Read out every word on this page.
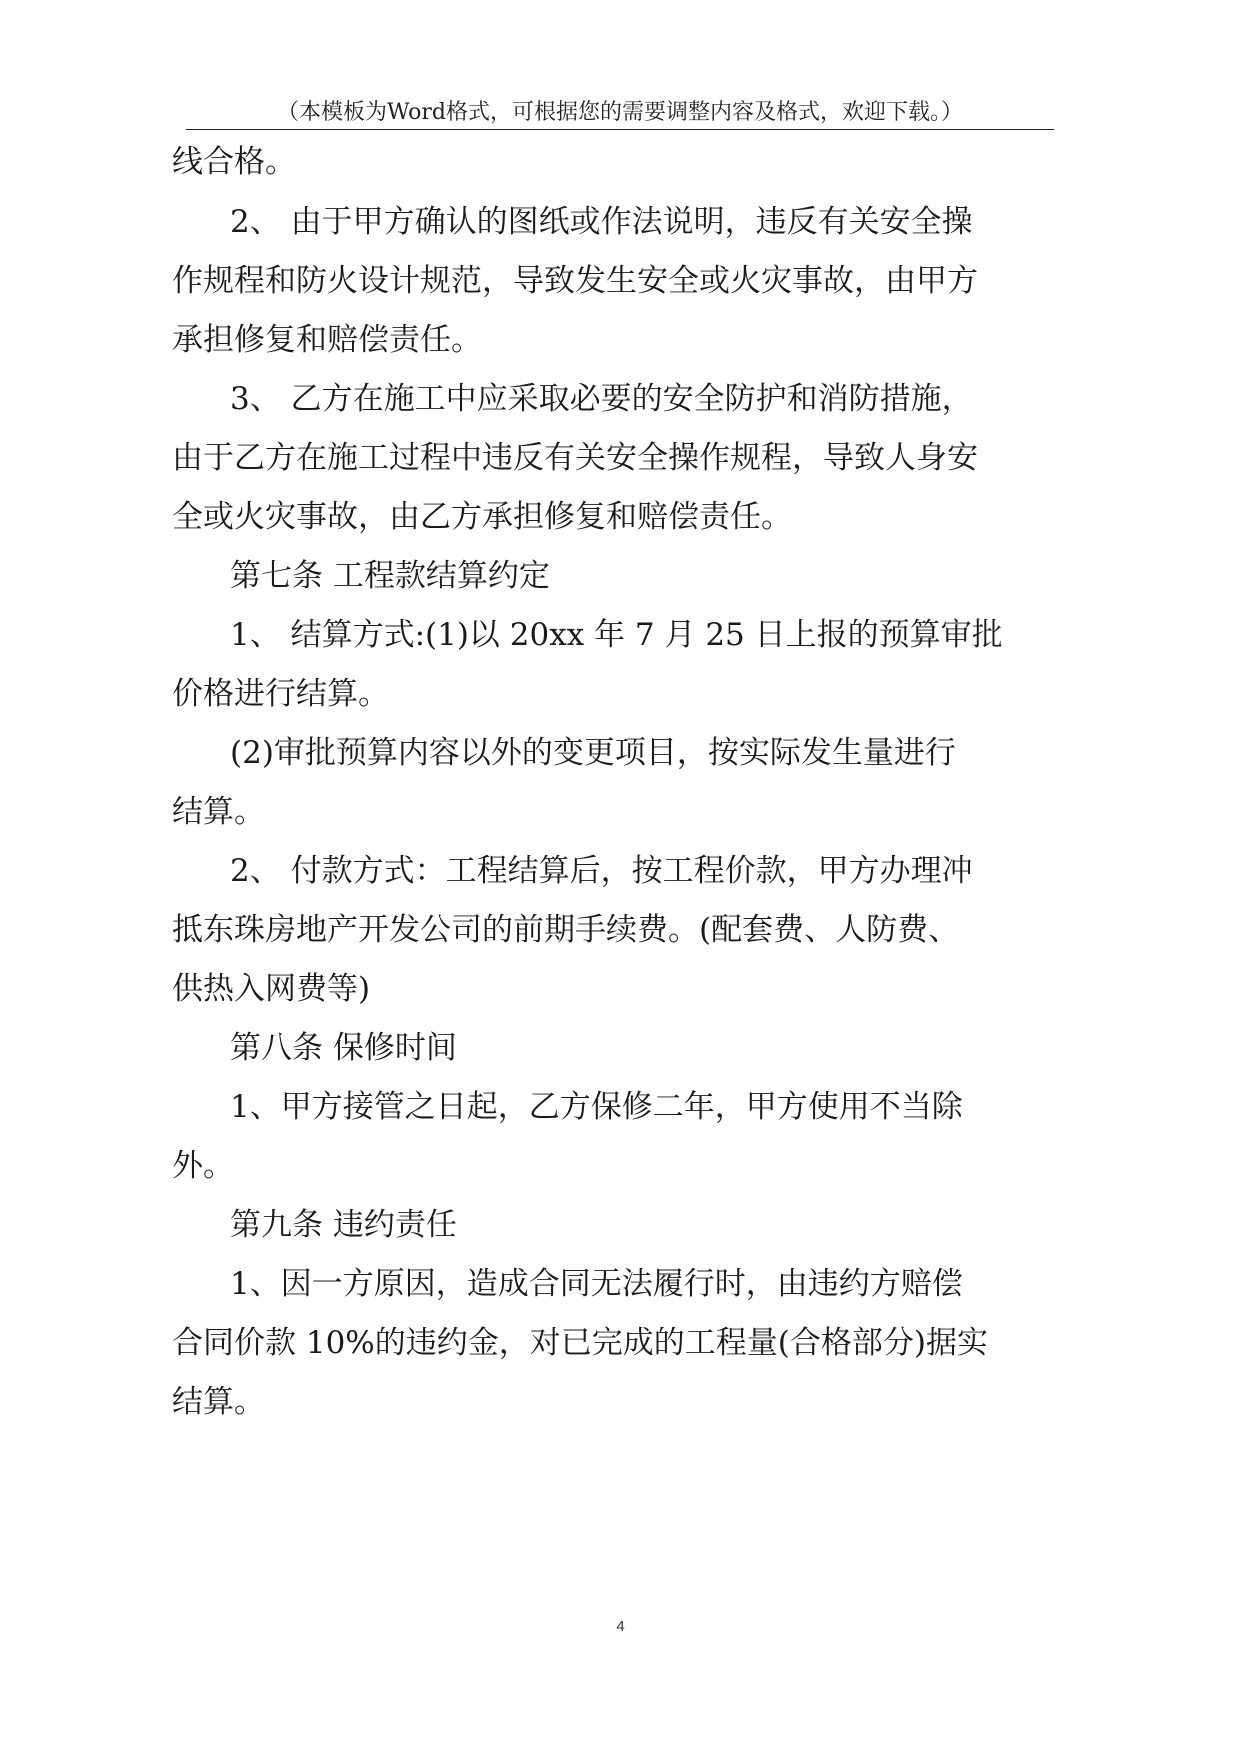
（本模板为Word格式，可根据您的需要调整内容及格式，欢迎下载。）
线合格。
2、 由于甲方确认的图纸或作法说明，违反有关安全操
作规程和防火设计规范，导致发生安全或火灾事故，由甲方
承担修复和赔偿责任。
3、 乙方在施工中应采取必要的安全防护和消防措施，
由于乙方在施工过程中违反有关安全操作规程，导致人身安
全或火灾事故，由乙方承担修复和赔偿责任。
第七条 工程款结算约定
1、 结算方式:(1)以 20xx 年 7 月 25 日上报的预算审批
价格进行结算。
(2)审批预算内容以外的变更项目，按实际发生量进行
结算。
2、 付款方式：工程结算后，按工程价款，甲方办理冲
抵东珠房地产开发公司的前期手续费。(配套费、人防费、
供热入网费等)
第八条 保修时间
1、甲方接管之日起，乙方保修二年，甲方使用不当除
外。
第九条 违约责任
1、因一方原因，造成合同无法履行时，由违约方赔偿
合同价款 10%的违约金，对已完成的工程量(合格部分)据实
结算。
4
